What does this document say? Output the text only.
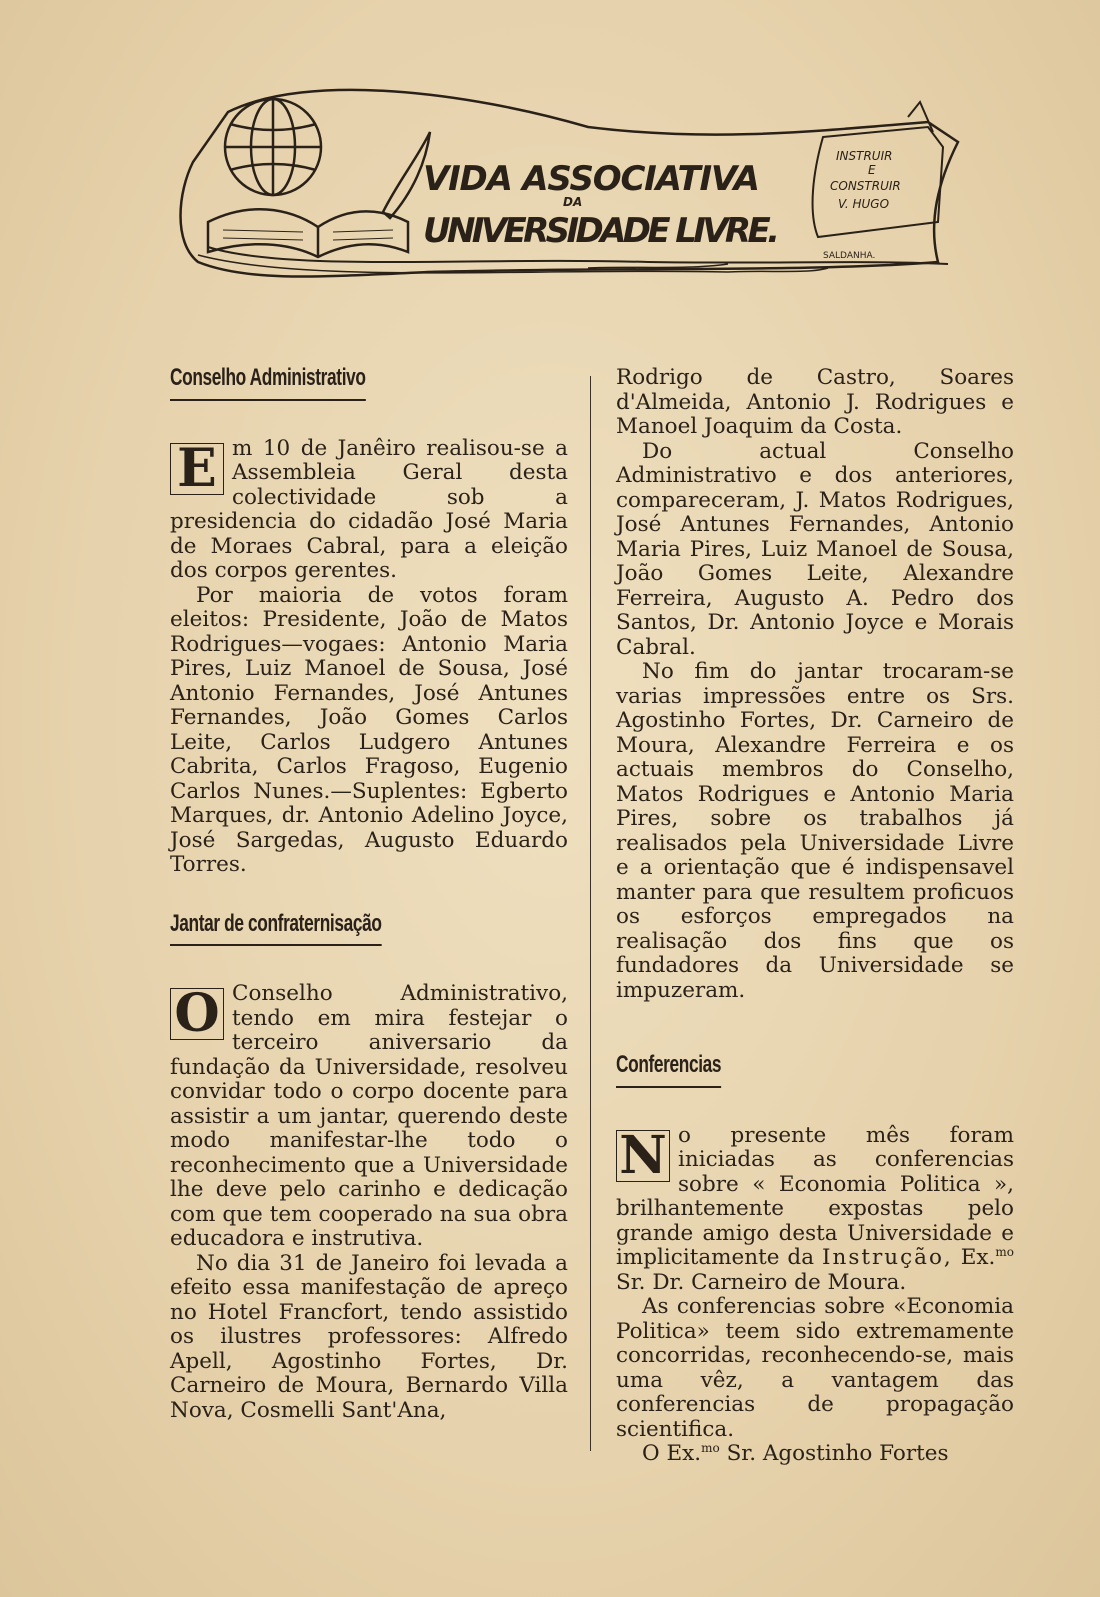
VIDA ASSOCIATIVA
DA
UNIVERSIDADE LIVRE.
INSTRUIR
E
CONSTRUIR
V. HUGO
SALDANHA.
Conselho Administrativo
E m 10 de Janêiro realisou-se a Assembleia Geral desta colectividade sob a presidencia do cidadão José Maria de Moraes Cabral, para a eleição dos corpos gerentes.

Por maioria de votos foram eleitos: Presidente, João de Matos Rodrigues—vogaes: Antonio Maria Pires, Luiz Manoel de Sousa, José Antonio Fernandes, José Antunes Fernandes, João Gomes Carlos Leite, Carlos Ludgero Antunes Cabrita, Carlos Fragoso, Eugenio Carlos Nunes.—Suplentes: Egberto Marques, dr. Antonio Adelino Joyce, José Sargedas, Augusto Eduardo Torres.

Jantar de confraternisação
O Conselho Administrativo, tendo em mira festejar o terceiro aniversario da fundação da Universidade, resolveu convidar todo o corpo docente para assistir a um jantar, querendo deste modo manifestar-lhe todo o reconhecimento que a Universidade lhe deve pelo carinho e dedicação com que tem cooperado na sua obra educadora e instrutiva.

No dia 31 de Janeiro foi levada a efeito essa manifestação de apreço no Hotel Francfort, tendo assistido os ilustres professores: Alfredo Apell, Agostinho Fortes, Dr. Carneiro de Moura, Bernardo Villa Nova, Cosmelli Sant'Ana,

Rodrigo de Castro, Soares d'Almeida, Antonio J. Rodrigues e Manoel Joaquim da Costa.

Do actual Conselho Administrativo e dos anteriores, compareceram, J. Matos Rodrigues, José Antunes Fernandes, Antonio Maria Pires, Luiz Manoel de Sousa, João Gomes Leite, Alexandre Ferreira, Augusto A. Pedro dos Santos, Dr. Antonio Joyce e Morais Cabral.

No fim do jantar trocaram-se varias impressões entre os Srs. Agostinho Fortes, Dr. Carneiro de Moura, Alexandre Ferreira e os actuais membros do Conselho, Matos Rodrigues e Antonio Maria Pires, sobre os trabalhos já realisados pela Universidade Livre e a orientação que é indispensavel manter para que resultem proficuos os esforços empregados na realisação dos fins que os fundadores da Universidade se impuzeram.

Conferencias
N o presente mês foram iniciadas as conferencias sobre « Economia Politica », brilhantemente expostas pelo grande amigo desta Universidade e implicitamente da Instrução, Ex.$^{mo}$ Sr. Dr. Carneiro de Moura.

As conferencias sobre «Economia Politica» teem sido extremamente concorridas, reconhecendo-se, mais uma vêz, a vantagem das conferencias de propagação scientifica.

O Ex.$^{mo}$ Sr. Agostinho Fortes
